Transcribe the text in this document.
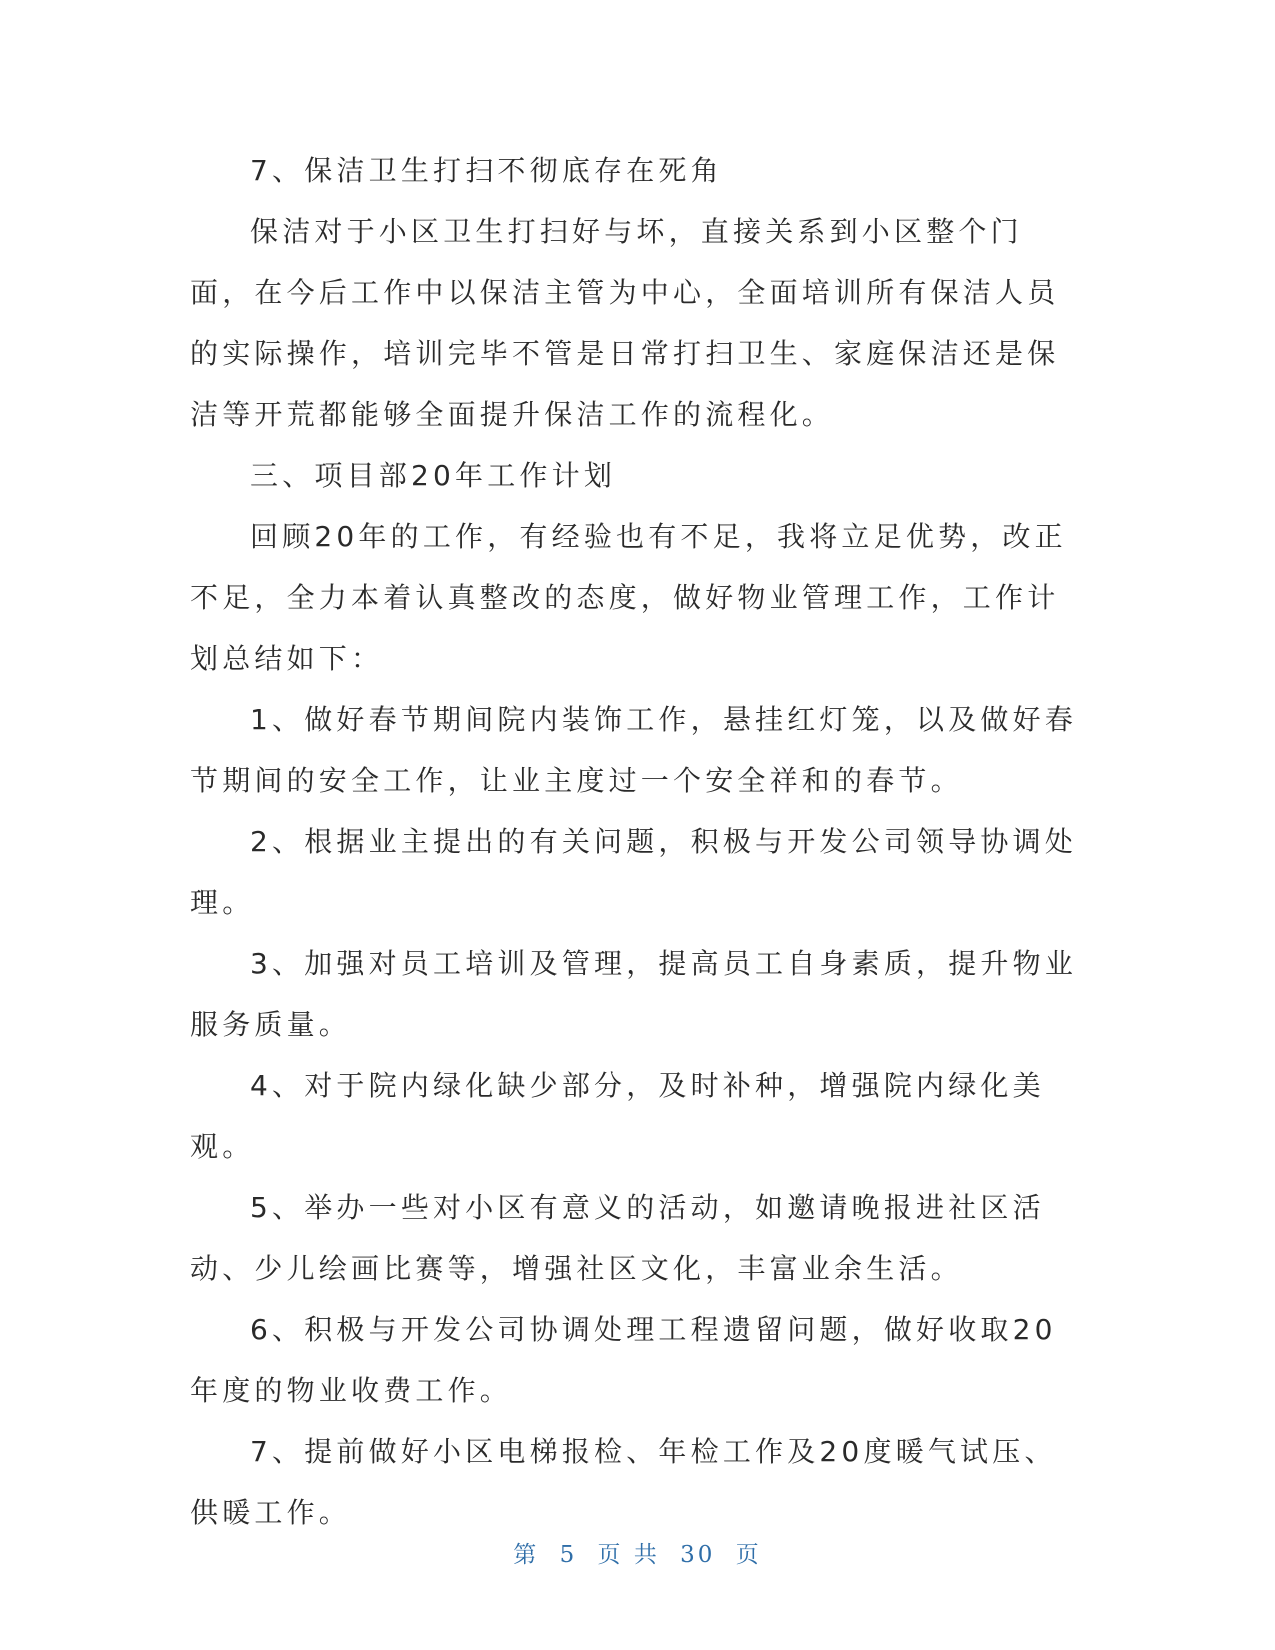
7、保洁卫生打扫不彻底存在死角

保洁对于小区卫生打扫好与坏，直接关系到小区整个门面，在今后工作中以保洁主管为中心，全面培训所有保洁人员的实际操作，培训完毕不管是日常打扫卫生、家庭保洁还是保洁等开荒都能够全面提升保洁工作的流程化。

三、项目部20年工作计划

回顾20年的工作，有经验也有不足，我将立足优势，改正不足，全力本着认真整改的态度，做好物业管理工作，工作计划总结如下：

1、做好春节期间院内装饰工作，悬挂红灯笼，以及做好春节期间的安全工作，让业主度过一个安全祥和的春节。

2、根据业主提出的有关问题，积极与开发公司领导协调处理。

3、加强对员工培训及管理，提高员工自身素质，提升物业服务质量。

4、对于院内绿化缺少部分，及时补种，增强院内绿化美观。

5、举办一些对小区有意义的活动，如邀请晚报进社区活动、少儿绘画比赛等，增强社区文化，丰富业余生活。

6、积极与开发公司协调处理工程遗留问题，做好收取20年度的物业收费工作。

7、提前做好小区电梯报检、年检工作及20度暖气试压、供暖工作。

第 5 页 共 30 页
